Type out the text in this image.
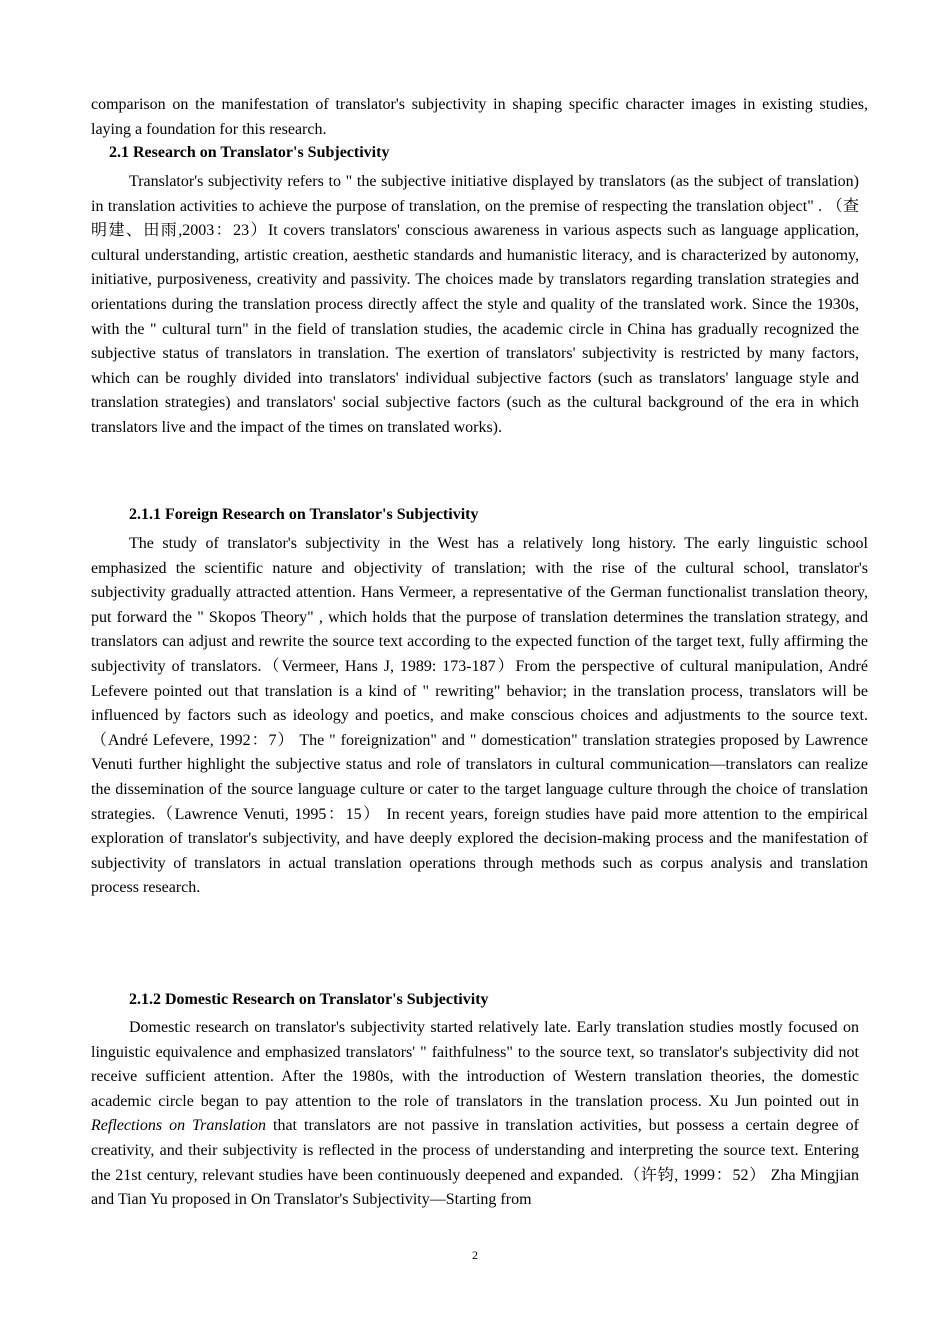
comparison on the manifestation of translator's subjectivity in shaping specific character images in existing studies, laying a foundation for this research.

2.1 Research on Translator's Subjectivity

Translator's subjectivity refers to " the subjective initiative displayed by translators (as the subject of translation) in translation activities to achieve the purpose of translation, on the premise of respecting the translation object" . （查明建、田雨,2003：23）It covers translators' conscious awareness in various aspects such as language application, cultural understanding, artistic creation, aesthetic standards and humanistic literacy, and is characterized by autonomy, initiative, purposiveness, creativity and passivity. The choices made by translators regarding translation strategies and orientations during the translation process directly affect the style and quality of the translated work. Since the 1930s, with the " cultural turn" in the field of translation studies, the academic circle in China has gradually recognized the subjective status of translators in translation. The exertion of translators' subjectivity is restricted by many factors, which can be roughly divided into translators' individual subjective factors (such as translators' language style and translation strategies) and translators' social subjective factors (such as the cultural background of the era in which translators live and the impact of the times on translated works).

2.1.1 Foreign Research on Translator's Subjectivity

The study of translator's subjectivity in the West has a relatively long history. The early linguistic school emphasized the scientific nature and objectivity of translation; with the rise of the cultural school, translator's subjectivity gradually attracted attention. Hans Vermeer, a representative of the German functionalist translation theory, put forward the " Skopos Theory" , which holds that the purpose of translation determines the translation strategy, and translators can adjust and rewrite the source text according to the expected function of the target text, fully affirming the subjectivity of translators.（Vermeer, Hans J, 1989: 173-187）From the perspective of cultural manipulation, André Lefevere pointed out that translation is a kind of " rewriting" behavior; in the translation process, translators will be influenced by factors such as ideology and poetics, and make conscious choices and adjustments to the source text.（André Lefevere, 1992：7） The " foreignization" and " domestication" translation strategies proposed by Lawrence Venuti further highlight the subjective status and role of translators in cultural communication—translators can realize the dissemination of the source language culture or cater to the target language culture through the choice of translation strategies.（Lawrence Venuti, 1995：15） In recent years, foreign studies have paid more attention to the empirical exploration of translator's subjectivity, and have deeply explored the decision-making process and the manifestation of subjectivity of translators in actual translation operations through methods such as corpus analysis and translation process research.

2.1.2 Domestic Research on Translator's Subjectivity

Domestic research on translator's subjectivity started relatively late. Early translation studies mostly focused on linguistic equivalence and emphasized translators' " faithfulness" to the source text, so translator's subjectivity did not receive sufficient attention. After the 1980s, with the introduction of Western translation theories, the domestic academic circle began to pay attention to the role of translators in the translation process. Xu Jun pointed out in Reflections on Translation that translators are not passive in translation activities, but possess a certain degree of creativity, and their subjectivity is reflected in the process of understanding and interpreting the source text. Entering the 21st century, relevant studies have been continuously deepened and expanded.（许钧, 1999：52） Zha Mingjian and Tian Yu proposed in On Translator's Subjectivity—Starting from

2
